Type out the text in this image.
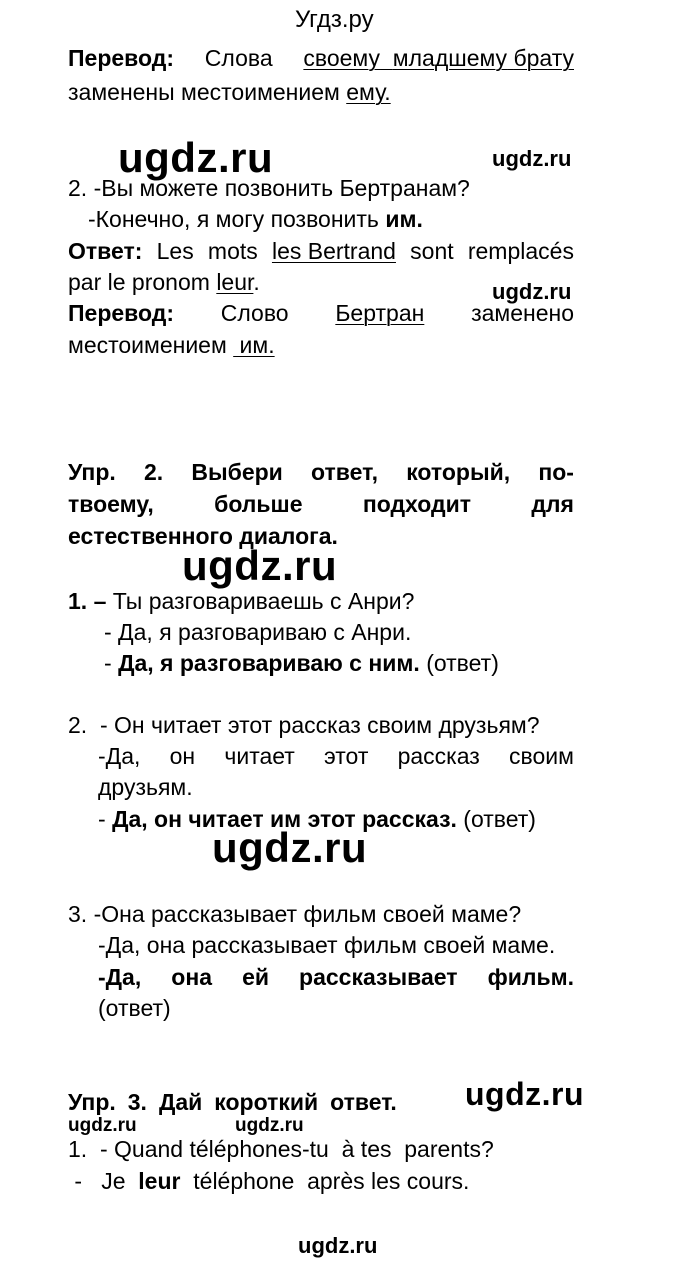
Угдз.ру
Перевод: Слова своему
младшему
брату
заменены местоимением ему.
ugdz.ru	ugdz.ru
2. -Вы можете позвонить Бертранам?
-Конечно, я могу позвонить им.
Ответ: Les mots les Bertrand sont remplacés
par le pronom leur.	ugdz.ru
Перевод: Слово Бертран заменено
местоимением  им.
Упр. 2. Выбери ответ, который, по-
твоему,	больше	подходит	для
естественного диалога.
ugdz.ru
1. – Ты разговариваешь с Анри?
- Да, я разговариваю с Анри.
- Да, я разговариваю с ним. (ответ)
2.  - Он читает этот рассказ своим друзьям?
-Да, он читает этот рассказ своим
друзьям.
- Да, он читает им этот рассказ. (ответ)
ugdz.ru
3. -Она рассказывает фильм своей маме?
-Да, она рассказывает фильм своей маме.
-Да, она ей рассказывает фильм.
(ответ)
Упр. 3. Дай короткий ответ. ugdz.ru
ugdz.ru	ugdz.ru
1.  - Quand téléphones-tu  à tes  parents?
-   Je  leur  téléphone  après les cours.
ugdz.ru
